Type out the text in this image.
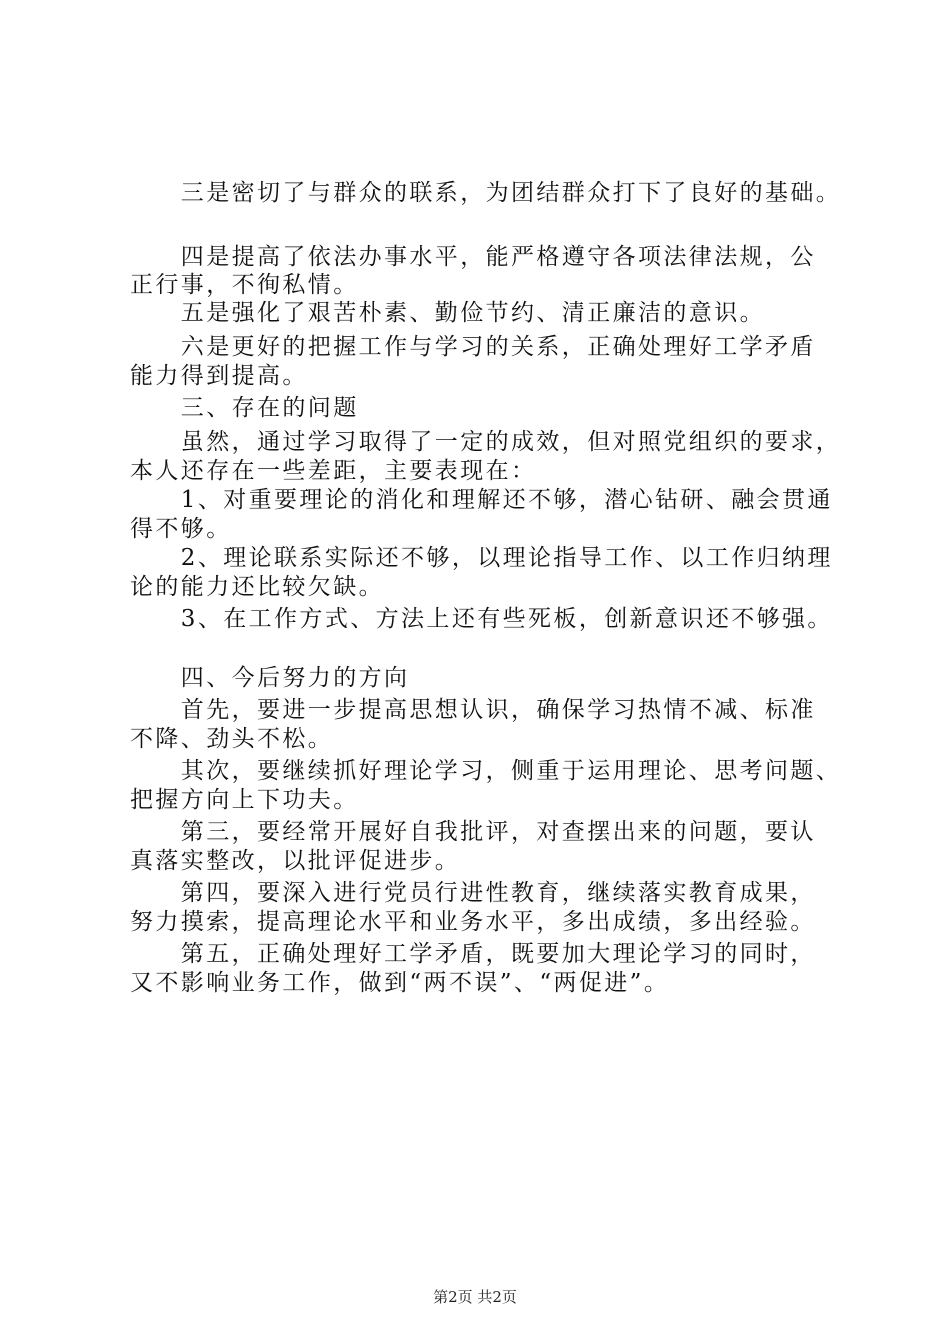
　　三是密切了与群众的联系，为团结群众打下了良好的基础。
　　四是提高了依法办事水平，能严格遵守各项法律法规，公
正行事，不徇私情。
　　五是强化了艰苦朴素、勤俭节约、清正廉洁的意识。
　　六是更好的把握工作与学习的关系，正确处理好工学矛盾
能力得到提高。
　　三、存在的问题
　　虽然，通过学习取得了一定的成效，但对照党组织的要求，
本人还存在一些差距，主要表现在：
　　1、对重要理论的消化和理解还不够，潜心钻研、融会贯通
得不够。
　　2、理论联系实际还不够，以理论指导工作、以工作归纳理
论的能力还比较欠缺。
　　3、在工作方式、方法上还有些死板，创新意识还不够强。
　　四、今后努力的方向
　　首先，要进一步提高思想认识，确保学习热情不减、标准
不降、劲头不松。
　　其次，要继续抓好理论学习，侧重于运用理论、思考问题、
把握方向上下功夫。
　　第三，要经常开展好自我批评，对查摆出来的问题，要认
真落实整改，以批评促进步。
　　第四，要深入进行党员行进性教育，继续落实教育成果，
努力摸索，提高理论水平和业务水平，多出成绩，多出经验。
　　第五，正确处理好工学矛盾，既要加大理论学习的同时，
又不影响业务工作，做到“两不误”、“两促进”。
第2页 共2页
